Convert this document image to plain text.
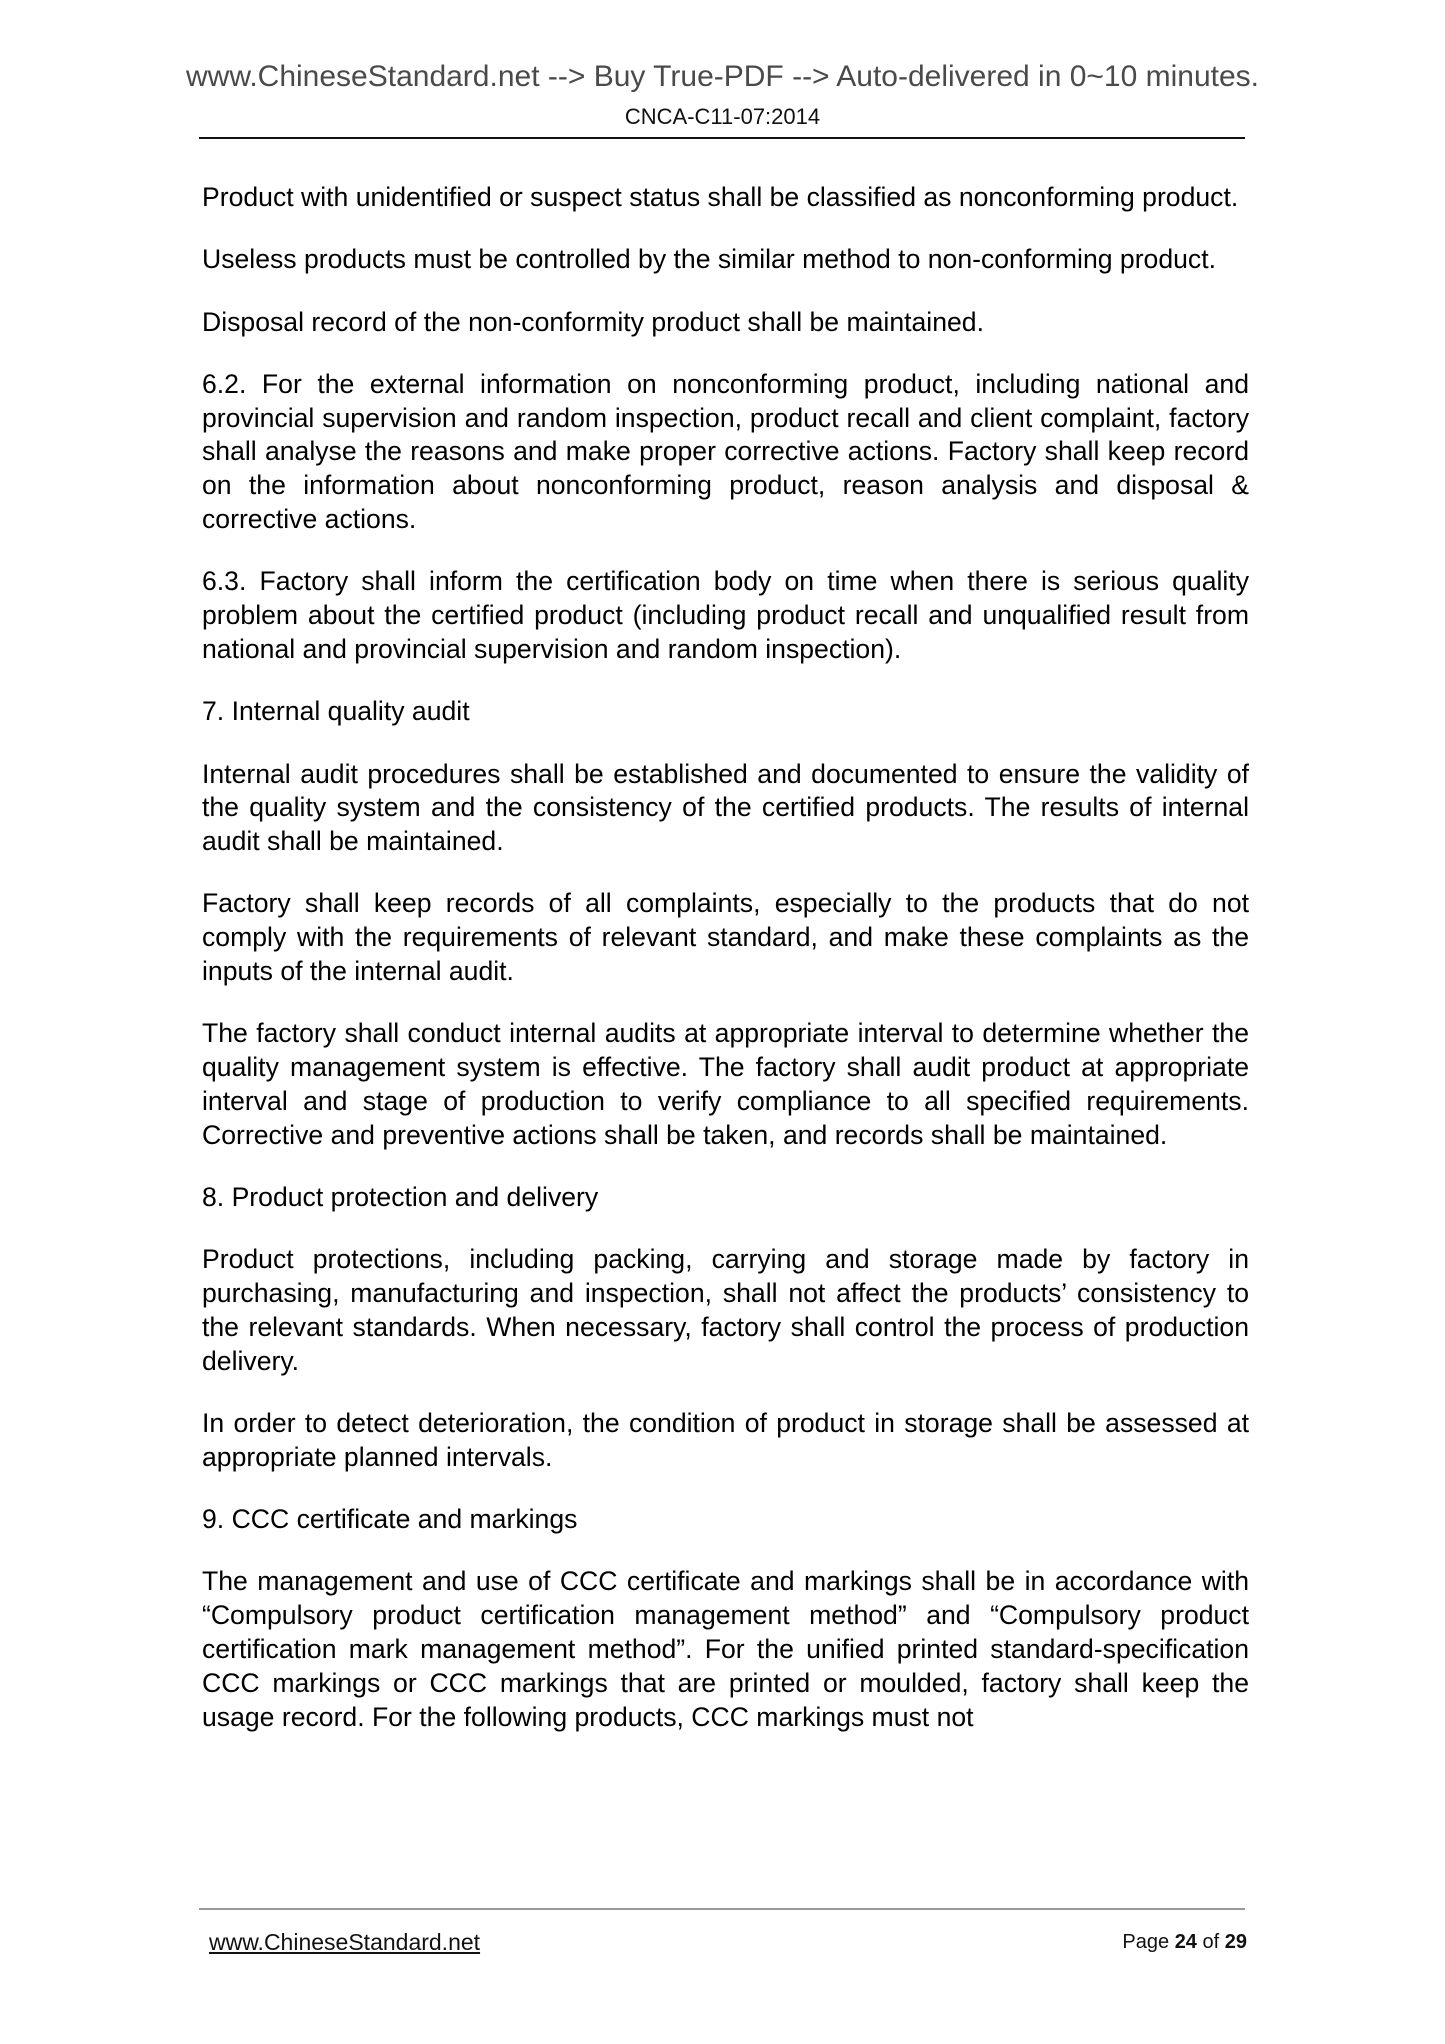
www.ChineseStandard.net --> Buy True-PDF --> Auto-delivered in 0~10 minutes.
CNCA-C11-07:2014

Product with unidentified or suspect status shall be classified as nonconforming product.

Useless products must be controlled by the similar method to non-conforming product.

Disposal record of the non-conformity product shall be maintained.

6.2. For the external information on nonconforming product, including national and provincial supervision and random inspection, product recall and client complaint, factory shall analyse the reasons and make proper corrective actions. Factory shall keep record on the information about nonconforming product, reason analysis and disposal & corrective actions.

6.3. Factory shall inform the certification body on time when there is serious quality problem about the certified product (including product recall and unqualified result from national and provincial supervision and random inspection).

7. Internal quality audit

Internal audit procedures shall be established and documented to ensure the validity of the quality system and the consistency of the certified products. The results of internal audit shall be maintained.

Factory shall keep records of all complaints, especially to the products that do not comply with the requirements of relevant standard, and make these complaints as the inputs of the internal audit.

The factory shall conduct internal audits at appropriate interval to determine whether the quality management system is effective. The factory shall audit product at appropriate interval and stage of production to verify compliance to all specified requirements. Corrective and preventive actions shall be taken, and records shall be maintained.

8. Product protection and delivery

Product protections, including packing, carrying and storage made by factory in purchasing, manufacturing and inspection, shall not affect the products’ consistency to the relevant standards. When necessary, factory shall control the process of production delivery.

In order to detect deterioration, the condition of product in storage shall be assessed at appropriate planned intervals.

9. CCC certificate and markings

The management and use of CCC certificate and markings shall be in accordance with “Compulsory product certification management method” and “Compulsory product certification mark management method”. For the unified printed standard-specification CCC markings or CCC markings that are printed or moulded, factory shall keep the usage record. For the following products, CCC markings must not

www.ChineseStandard.net	Page 24 of 29
